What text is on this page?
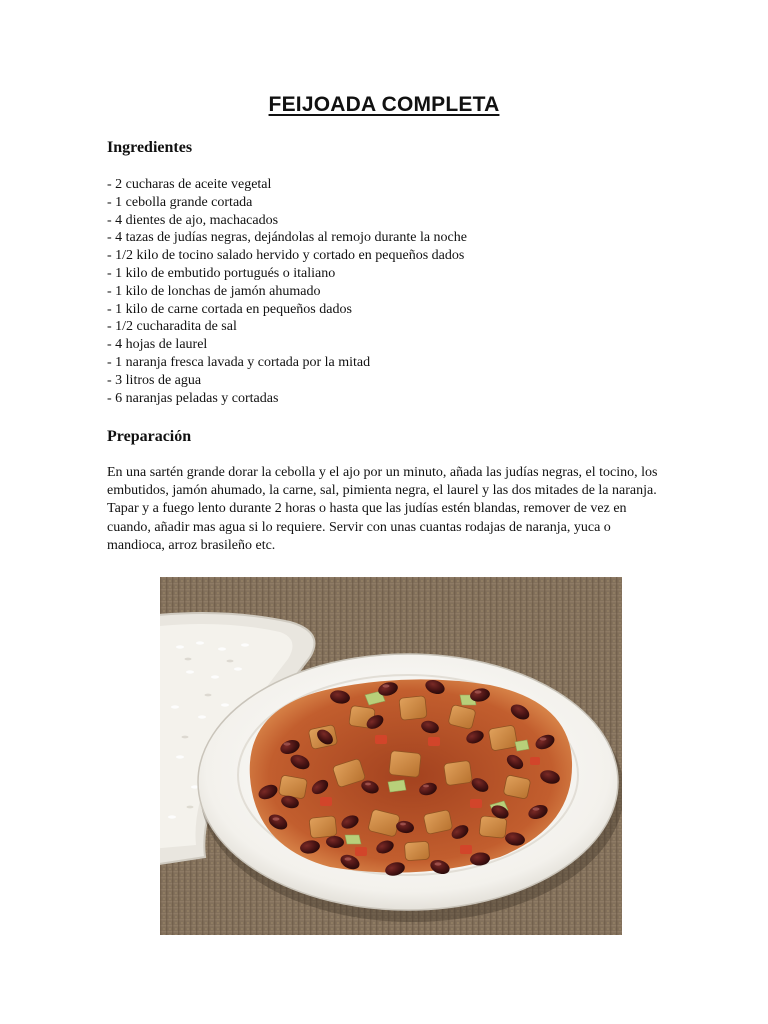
FEIJOADA COMPLETA
Ingredientes
- 2 cucharas de aceite vegetal
- 1 cebolla grande cortada
- 4 dientes de ajo, machacados
- 4 tazas de judías negras, dejándolas al remojo durante la noche
- 1/2 kilo de tocino salado hervido y cortado en pequeños dados
- 1 kilo de embutido portugués o italiano
- 1 kilo de lonchas de jamón ahumado
- 1 kilo de carne cortada en pequeños dados
- 1/2 cucharadita de sal
- 4 hojas de laurel
- 1 naranja fresca lavada y cortada por la mitad
- 3 litros de agua
- 6 naranjas peladas y cortadas
Preparación

En una sartén grande dorar la cebolla y el ajo por un minuto, añada las judías negras, el tocino, los embutidos, jamón ahumado, la carne, sal, pimienta negra, el laurel y las dos mitades de la naranja. Tapar y a fuego lento durante 2 horas o hasta que las judías estén blandas, remover de vez en cuando, añadir mas agua si lo requiere. Servir con unas cuantas rodajas de naranja, yuca o mandioca, arroz brasileño etc.
